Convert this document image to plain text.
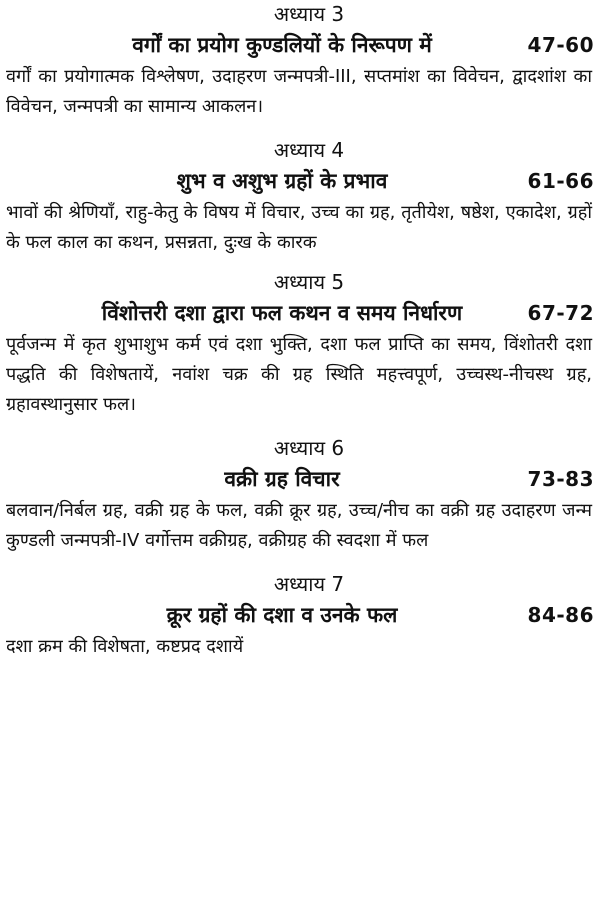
अध्याय 3
वर्गों का प्रयोग कुण्डलियों के निरूपण में	47-60

वर्गों का प्रयोगात्मक विश्लेषण, उदाहरण जन्मपत्री-III, सप्तमांश का विवेचन, द्वादशांश का विवेचन, जन्मपत्री का सामान्य आकलन।

अध्याय 4
शुभ व अशुभ ग्रहों के प्रभाव	61-66

भावों की श्रेणियाँ, राहु-केतु के विषय में विचार, उच्च का ग्रह, तृतीयेश, षष्ठेश, एकादेश, ग्रहों के फल काल का कथन, प्रसन्नता, दुःख के कारक

अध्याय 5
विंशोत्तरी दशा द्वारा फल कथन व समय निर्धारण	67-72

पूर्वजन्म में कृत शुभाशुभ कर्म एवं दशा भुक्ति, दशा फल प्राप्ति का समय, विंशोतरी दशा पद्धति की विशेषतायें, नवांश चक्र की ग्रह स्थिति महत्त्वपूर्ण, उच्चस्थ-नीचस्थ ग्रह, ग्रहावस्थानुसार फल।

अध्याय 6
वक्री ग्रह विचार	73-83

बलवान/निर्बल ग्रह, वक्री ग्रह के फल, वक्री क्रूर ग्रह, उच्च/नीच का वक्री ग्रह उदाहरण जन्म कुण्डली जन्मपत्री-IV वर्गोत्तम वक्रीग्रह, वक्रीग्रह की स्वदशा में फल

अध्याय 7
क्रूर ग्रहों की दशा व उनके फल	84-86

दशा क्रम की विशेषता, कष्टप्रद दशायें
